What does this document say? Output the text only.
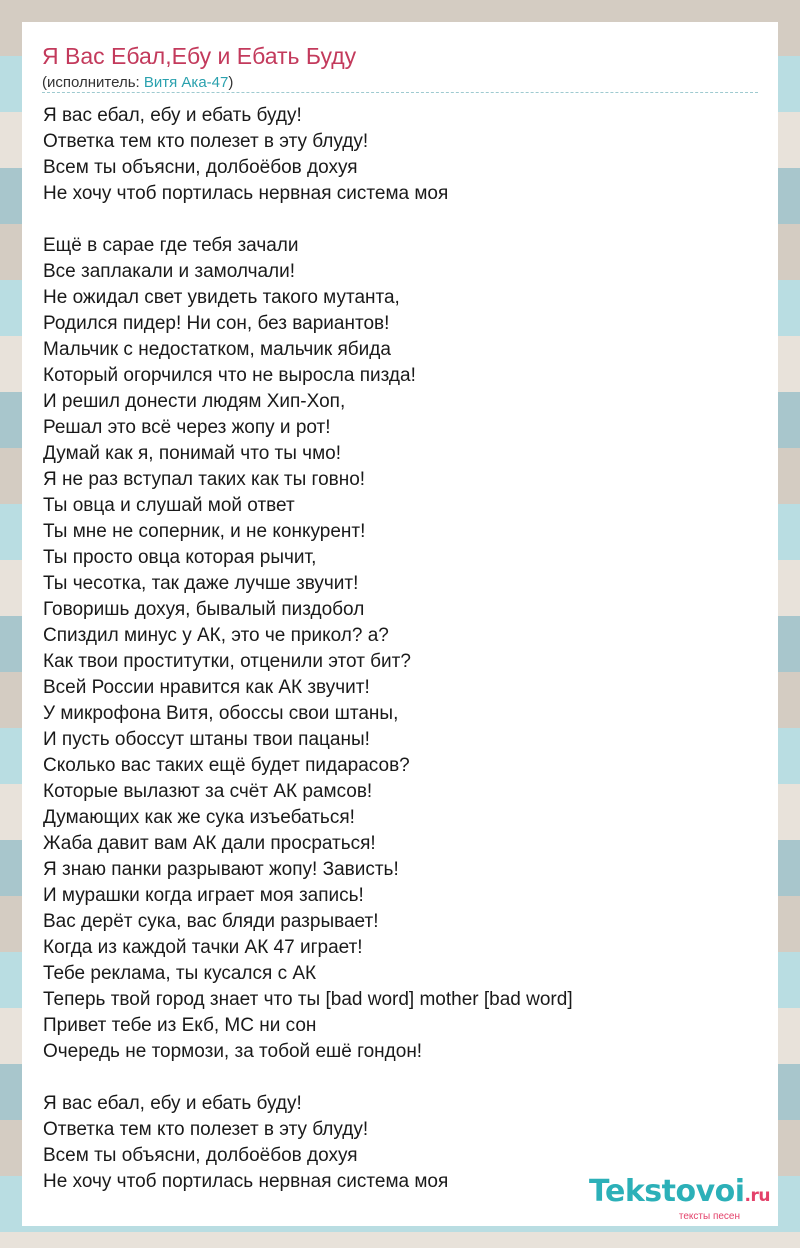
Я Вас Ебал,Ебу и Ебать Буду
(исполнитель: Витя Ака-47)
Я вас ебал, ебу и ебать буду!
Ответка тем кто полезет в эту блуду!
Всем ты объясни, долбоёбов дохуя
Не хочу чтоб портилась нервная система моя
Ещё в сарае где тебя зачали
Все заплакали и замолчали!
Не ожидал свет увидеть такого мутанта,
Родился пидер! Ни сон, без вариантов!
Мальчик с недостатком, мальчик ябида
Который огорчился что не выросла пизда!
И решил донести людям Хип-Хоп,
Решал это всё через жопу и рот!
Думай как я, понимай что ты чмо!
Я не раз вступал таких как ты говно!
Ты овца и слушай мой ответ
Ты мне не соперник, и не конкурент!
Ты просто овца которая рычит,
Ты чесотка, так даже лучше звучит!
Говоришь дохуя, бывалый пиздобол
Спиздил минус у АК, это че прикол? а?
Как твои проститутки, отценили этот бит?
Всей России нравится как АК звучит!
У микрофона Витя, обоссы свои штаны,
И пусть обоссут штаны твои пацаны!
Сколько вас таких ещё будет пидарасов?
Которые вылазют за счёт АК рамсов!
Думающих как же сука изъебаться!
Жаба давит вам АК дали просраться!
Я знаю панки разрывают жопу! Зависть!
И мурашки когда играет моя запись!
Вас дерёт сука, вас бляди разрывает!
Когда из каждой тачки АК 47 играет!
Тебе реклама, ты кусался с АК
Теперь твой город знает что ты [bad word] mother [bad word]
Привет тебе из Екб, МС ни сон
Очередь не тормози, за тобой ешё гондон!
Я вас ебал, ебу и ебать буду!
Ответка тем кто полезет в эту блуду!
Всем ты объясни, долбоёбов дохуя
Не хочу чтоб портилась нервная система моя	Tekstovoi.ru
тексты песен
